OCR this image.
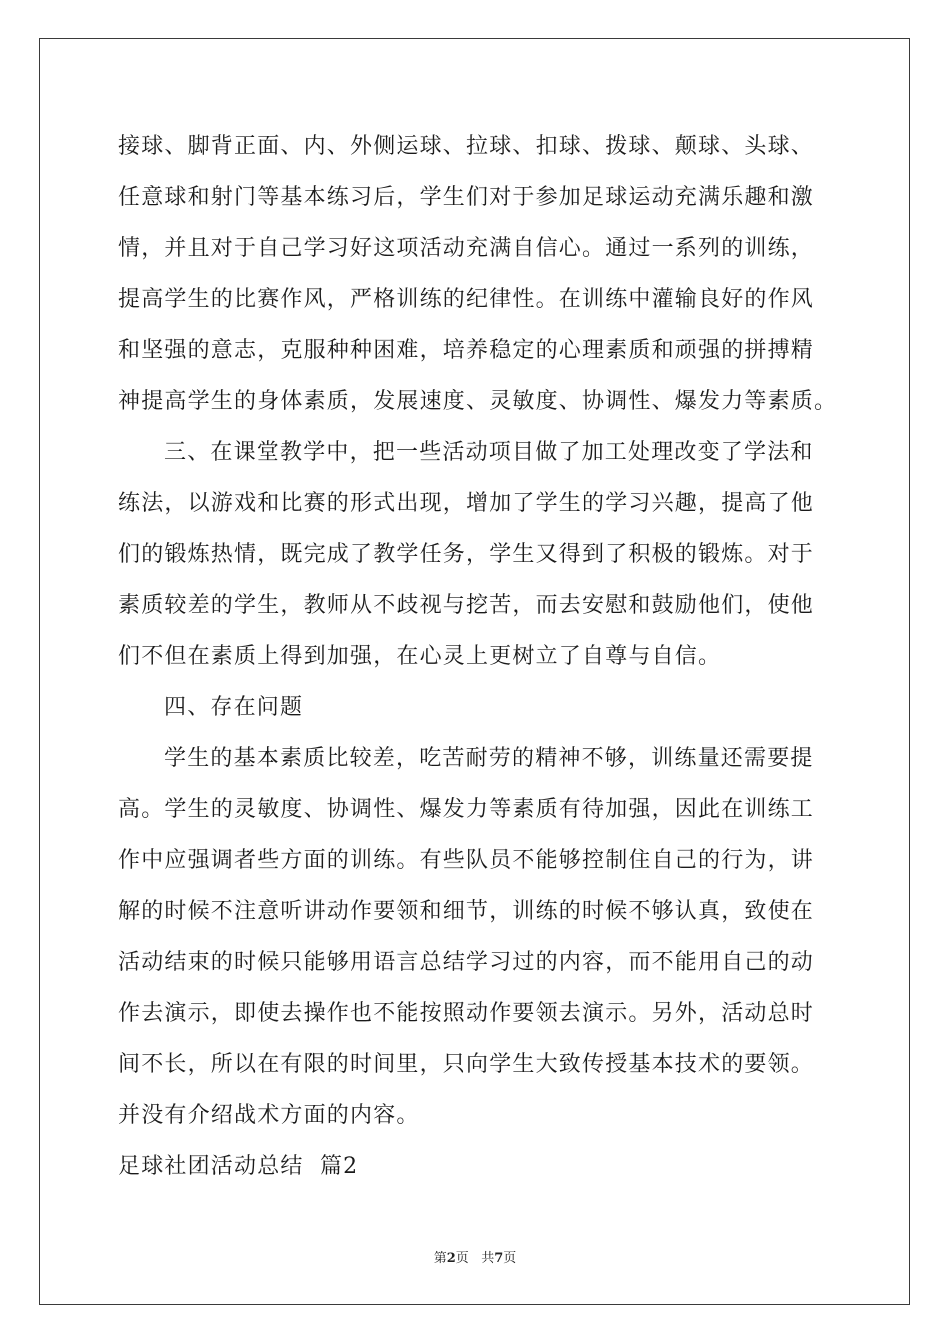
接球、脚背正面、内、外侧运球、拉球、扣球、拨球、颠球、头球、
任意球和射门等基本练习后，学生们对于参加足球运动充满乐趣和激
情，并且对于自己学习好这项活动充满自信心。通过一系列的训练，
提高学生的比赛作风，严格训练的纪律性。在训练中灌输良好的作风
和坚强的意志，克服种种困难，培养稳定的心理素质和顽强的拼搏精
神提高学生的身体素质，发展速度、灵敏度、协调性、爆发力等素质。
三、在课堂教学中，把一些活动项目做了加工处理改变了学法和
练法，以游戏和比赛的形式出现，增加了学生的学习兴趣，提高了他
们的锻炼热情，既完成了教学任务，学生又得到了积极的锻炼。对于
素质较差的学生，教师从不歧视与挖苦，而去安慰和鼓励他们，使他
们不但在素质上得到加强，在心灵上更树立了自尊与自信。
四、存在问题
学生的基本素质比较差，吃苦耐劳的精神不够，训练量还需要提
高。学生的灵敏度、协调性、爆发力等素质有待加强，因此在训练工
作中应强调者些方面的训练。有些队员不能够控制住自己的行为，讲
解的时候不注意听讲动作要领和细节，训练的时候不够认真，致使在
活动结束的时候只能够用语言总结学习过的内容，而不能用自己的动
作去演示，即使去操作也不能按照动作要领去演示。另外，活动总时
间不长，所以在有限的时间里，只向学生大致传授基本技术的要领。
并没有介绍战术方面的内容。
足球社团活动总结  篇2
第2页 共7页
